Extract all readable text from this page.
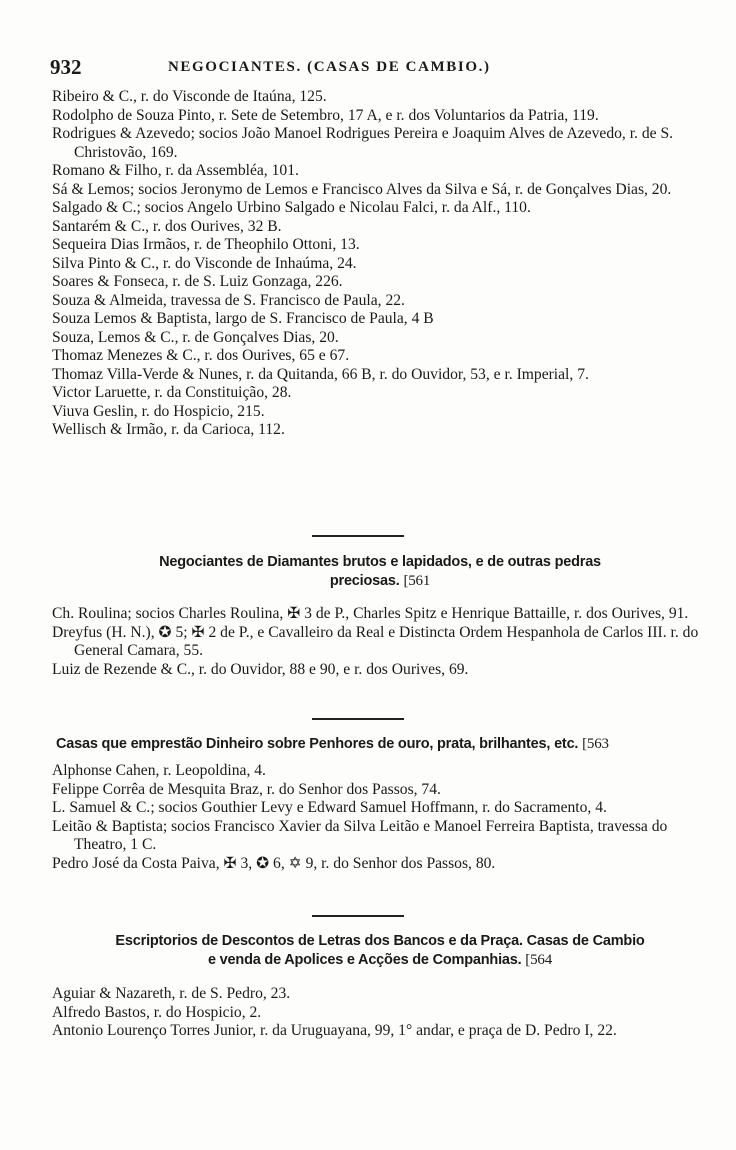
932	NEGOCIANTES. (CASAS DE CAMBIO.)
Ribeiro & C., r. do Visconde de Itaúna, 125.
Rodolpho de Souza Pinto, r. Sete de Setembro, 17 A, e r. dos Voluntarios da Patria, 119.
Rodrigues & Azevedo; socios João Manoel Rodrigues Pereira e Joaquim Alves de Azevedo, r. de S. Christovão, 169.
Romano & Filho, r. da Assembléa, 101.
Sá & Lemos; socios Jeronymo de Lemos e Francisco Alves da Silva e Sá, r. de Gonçalves Dias, 20.
Salgado & C.; socios Angelo Urbino Salgado e Nicolau Falci, r. da Alf., 110.
Santarém & C., r. dos Ourives, 32 B.
Sequeira Dias Irmãos, r. de Theophilo Ottoni, 13.
Silva Pinto & C., r. do Visconde de Inhaúma, 24.
Soares & Fonseca, r. de S. Luiz Gonzaga, 226.
Souza & Almeida, travessa de S. Francisco de Paula, 22.
Souza Lemos & Baptista, largo de S. Francisco de Paula, 4 B
Souza, Lemos & C., r. de Gonçalves Dias, 20.
Thomaz Menezes & C., r. dos Ourives, 65 e 67.
Thomaz Villa-Verde & Nunes, r. da Quitanda, 66 B, r. do Ouvidor, 53, e r. Imperial, 7.
Victor Laruette, r. da Constituição, 28.
Viuva Geslin, r. do Hospicio, 215.
Wellisch & Irmão, r. da Carioca, 112.
Negociantes de Diamantes brutos e lapidados, e de outras pedras
preciosas. [561
Ch. Roulina; socios Charles Roulina, ✠ 3 de P., Charles Spitz e Henrique Battaille, r. dos Ourives, 91.
Dreyfus (H. N.), ✪ 5; ✠ 2 de P., e Cavalleiro da Real e Distincta Ordem Hespanhola de Carlos III. r. do General Camara, 55.
Luiz de Rezende & C., r. do Ouvidor, 88 e 90, e r. dos Ourives, 69.
Casas que emprestão Dinheiro sobre Penhores de ouro, prata, brilhantes, etc. [563
Alphonse Cahen, r. Leopoldina, 4.
Felippe Corrêa de Mesquita Braz, r. do Senhor dos Passos, 74.
L. Samuel & C.; socios Gouthier Levy e Edward Samuel Hoffmann, r. do Sacramento, 4.
Leitão & Baptista; socios Francisco Xavier da Silva Leitão e Manoel Ferreira Baptista, travessa do Theatro, 1 C.
Pedro José da Costa Paiva, ✠ 3, ✪ 6, ✡ 9, r. do Senhor dos Passos, 80.
Escriptorios de Descontos de Letras dos Bancos e da Praça. Casas de Cambio
e venda de Apolices e Acções de Companhias. [564
Aguiar & Nazareth, r. de S. Pedro, 23.
Alfredo Bastos, r. do Hospicio, 2.
Antonio Lourenço Torres Junior, r. da Uruguayana, 99, 1° andar, e praça de D. Pedro I, 22.
